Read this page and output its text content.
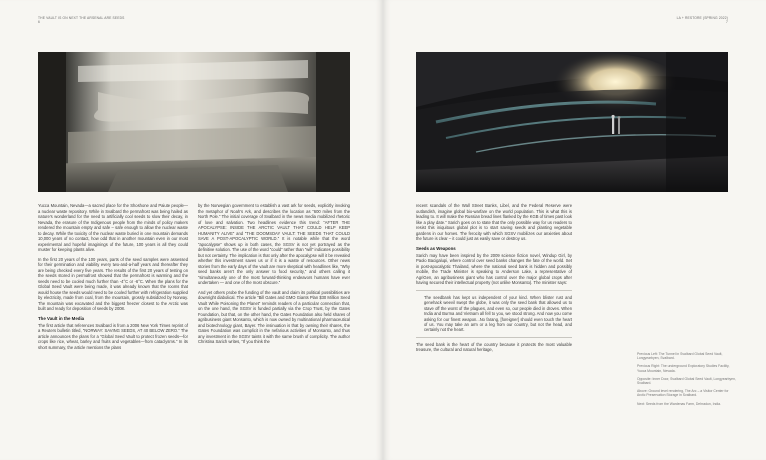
THE VAULT IS ON NEXT THE ARSENAL ARE SEEDS
6

Yucca Mountain, Nevada—a sacred place for the Shoshone and Paiute people—a nuclear waste repository. While in Svalbard the permafrost was being hailed as nature’s wonderland for the need to artificially cool seeds to slow their decay, in Nevada, the erasure of the Indigenous people from the minds of policy makers rendered the mountain empty and safe – safe enough to allow the nuclear waste to decay. While the toxicity of the nuclear waste buried in one mountain demands 10,000 years of no contact, how odd that in another mountain even in our most experimental and hopeful imaginings of the future, 100 years is all they could muster for keeping plants alive.

In the first 20 years of the 100 years, parts of the seed samples were assessed for their germination and viability every two-and-a-half years and thereafter they are being checked every five years. The results of the first 20 years of testing on the seeds stored in permafrost showed that the permafrost is warming and the seeds need to be cooled much further than -4°C or -6°C. When the plans for the Global Seed Vault were being made, it was already known that the rooms that would house the seeds would need to be cooled further with refrigeration supplied by electricity, made from coal, from the mountain, grossly subsidized by Norway. The mountain was excavated and the biggest freezer closest to the Arctic was built and ready for deposition of seeds by 2008.

The Vault in the Media

The first article that references Svalbard is from a 2006 New York Times reprint of a Reuters bulletin titled, “NORWAY: SAVING SEEDS, AT 40 BELOW ZERO.” The article announces the plans for a “Global Seed Vault to protect frozen seeds—for crops like rice, wheat, barley and fruits and vegetables—from cataclysms.” In its short summary, the article mentions the plans

by the Norwegian government to establish a vast ark for seeds, explicitly invoking the metaphor of Noah’s Ark, and describes the location as “600 miles from the North Pole.” The initial coverage of Svalbard in the news media mobilized rhetoric of love and salvation. Two headlines evidence this trend: “AFTER THE APOCALYPSE: INSIDE THE ARCTIC VAULT THAT COULD HELP KEEP HUMANITY ALIVE” and “THE DOOMSDAY VAULT: THE SEEDS THAT COULD SAVE A POST-APOCALYPTIC WORLD.” It is notable while that the word “apocalypse” shows up in both cases, the SGSV is not yet portrayed as the definitive solution. The use of the word “could” rather than “will” indicates possibility but not certainty. The implication is that only after the apocalypse will it be revealed whether this investment saves us or if it is a waste of resources. Other news stories from the early days of the vault are more skeptical with headlines like, “Why seed banks aren’t the only answer to food security,” and others calling it “simultaneously one of the most forward-thinking endeavors humans have ever undertaken — and one of the most obscure.”

And yet others probe the funding of the vault and claim its political possibilities are downright diabolical. The article “Bill Gates and GMO Giants Plan $30 Million Seed Vault While Poisoning the Planet” reminds readers of a particular connection that, on the one hand, the SGSV is funded partially via the Crop Trust, by the Gates Foundation, but that, on the other hand, the Gates Foundation also held shares of agribusiness giant Monsanto, which is now owned by multinational pharmaceutical and biotechnology giant, Bayer. The insinuation is that by owning their shares, the Gates Foundation was complicit in the nefarious activities of Monsanto, and thus any investment in the SGSV taints it with the same brush of complicity. The author Christina Sarich writes, “If you think the

LA + RESTORE (SPRING 2022)
7

recent scandals of the Wall Street Banks, Libel, and the Federal Reserve were outlandish, imagine global bio-warfare on the world population. This is what this is leading to. It will make the Russian bread lines flanked by the KGB of times past look like a play date.” Sarich goes on to state that the only possible way for us readers to resist this iniquitous global plot is to start saving seeds and planting vegetable gardens in our homes. The ferocity with which SGSV mobilizes our anxieties about the future is clear – it could just as easily save or destroy us.

Seeds as Weapons

Sarich may have been inspired by the 2009 science fiction novel, Windup Girl, by Paolo Bacigalupi, where control over seed banks changes the fate of the world. Set in post-apocalyptic Thailand, where the national seed bank is hidden and possibly mobile, the Trade Minister is speaking to Anderson Lake, a representative of AgriGen, an agribusiness giant who has control over the major global crops after having secured their intellectual property (not unlike Monsanto). The minister says:

The seedbank has kept us independent of your kind. When blister rust and genehack weevil swept the globe, it was only the seed bank that allowed us to stave off the worst of the plagues, and even so, our people died in droves. When India and Burma and Vietnam all fell to you, we stood strong. And now you come asking for our finest weapon...No farang, [foreigner] should even touch the heart of us. You may take an arm or a leg from our country, but not the head, and certainly not the heart.

The seed bank is the heart of the country because it protects the most valuable treasure, the cultural and natural heritage,

Previous Left: The Tunnel in Svalbard Global Seed Vault, Longyearbyen, Svalbard.

Previous Right: The underground Exploratory Studies Facility, Yucca Mountain, Nevada.

Opposite: Inner Door, Svalbard Global Seed Vault, Longyearbyen, Svalbard.

Above: Ground level rendering, The Arc – a Visitor Center for Arctic Preservation Storage in Svalbard.

Next: Seeds from the Wardenas Farm, Dehradun, India.
